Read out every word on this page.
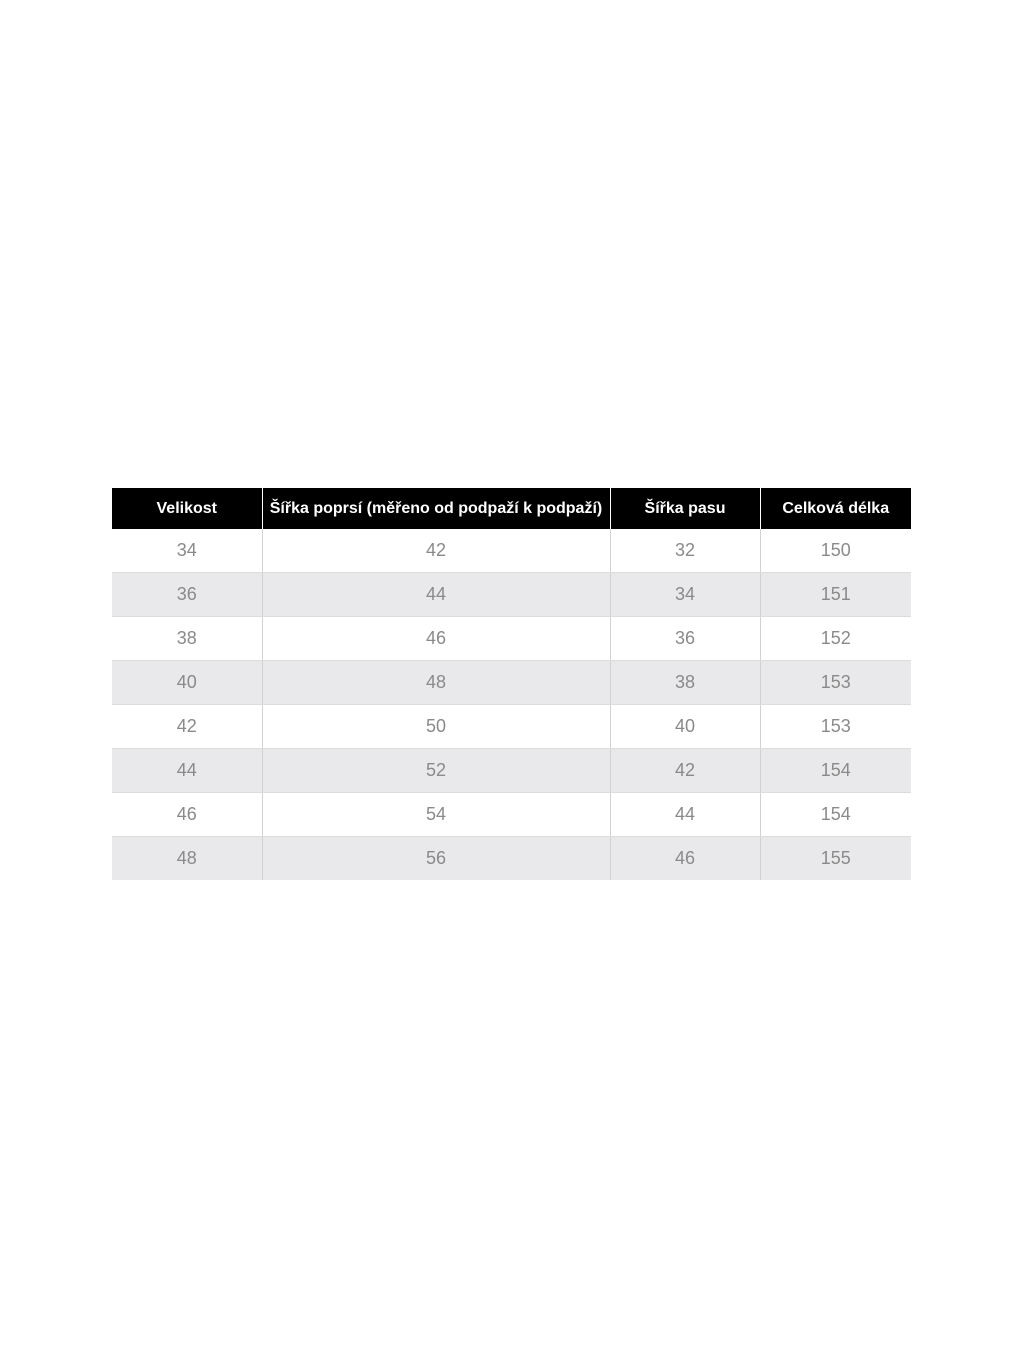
Velikost	Šířka poprsí (měřeno od podpaží k podpaží)	Šířka pasu	Celková délka
34	42	32	150
36	44	34	151
38	46	36	152
40	48	38	153
42	50	40	153
44	52	42	154
46	54	44	154
48	56	46	155
